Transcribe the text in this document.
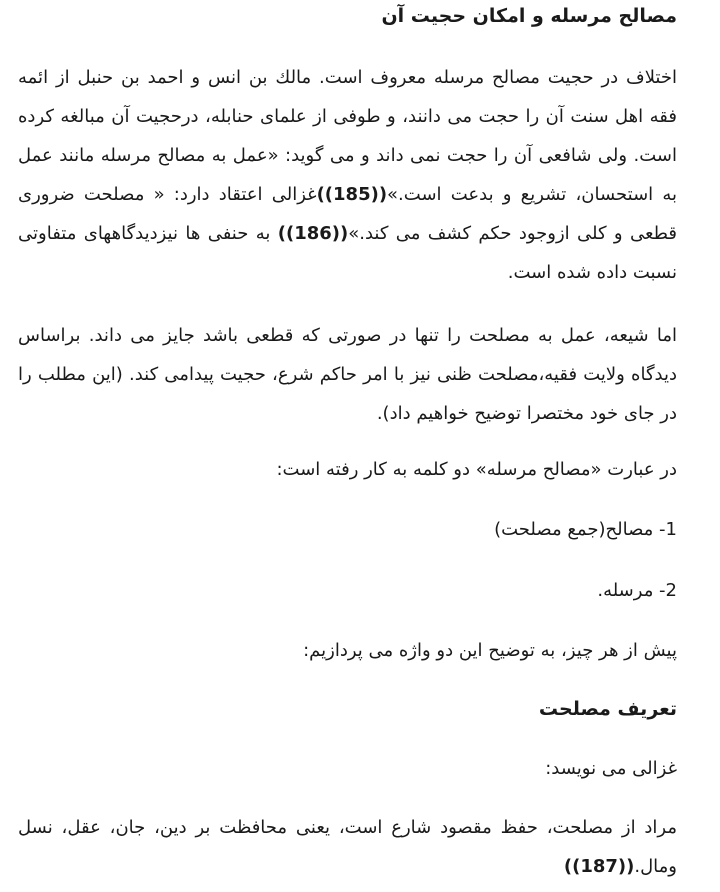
مصالح مرسله و امکان حجیت آن

اختلاف در حجیت مصالح مرسله معروف است. مالك بن انس و احمد بن حنبل از ائمه فقه اهل سنت آن را حجت می دانند، و طوفی از علمای حنابله، درحجیت آن مبالغه كرده است. ولی شافعی آن را حجت نمی داند و می گوید: «عمل به مصالح مرسله مانند عمل به استحسان، تشریع و بدعت است.»((185))غزالی اعتقاد دارد: « مصلحت ضروری قطعی و كلی ازوجود حكم كشف می كند.»((186)) به حنفی ها نیزدیدگاههای متفاوتی نسبت داده شده است.

اما شیعه، عمل به مصلحت را تنها در صورتی كه قطعی باشد جایز می داند. براساس دیدگاه ولایت فقیه،مصلحت ظنی نیز با امر حاكم شرع، حجیت پیدامی كند. (این مطلب را در جای خود مختصرا توضیح خواهیم داد).

در عبارت «مصالح مرسله» دو كلمه به كار رفته است:

1- مصالح(جمع مصلحت)

2- مرسله.

پیش از هر چیز، به توضیح این دو واژه می پردازیم:

تعریف مصلحت

غزالی می نویسد:

مراد از مصلحت، حفظ مقصود شارع است، یعنی محافظت بر دین، جان، عقل، نسل ومال.((187))
